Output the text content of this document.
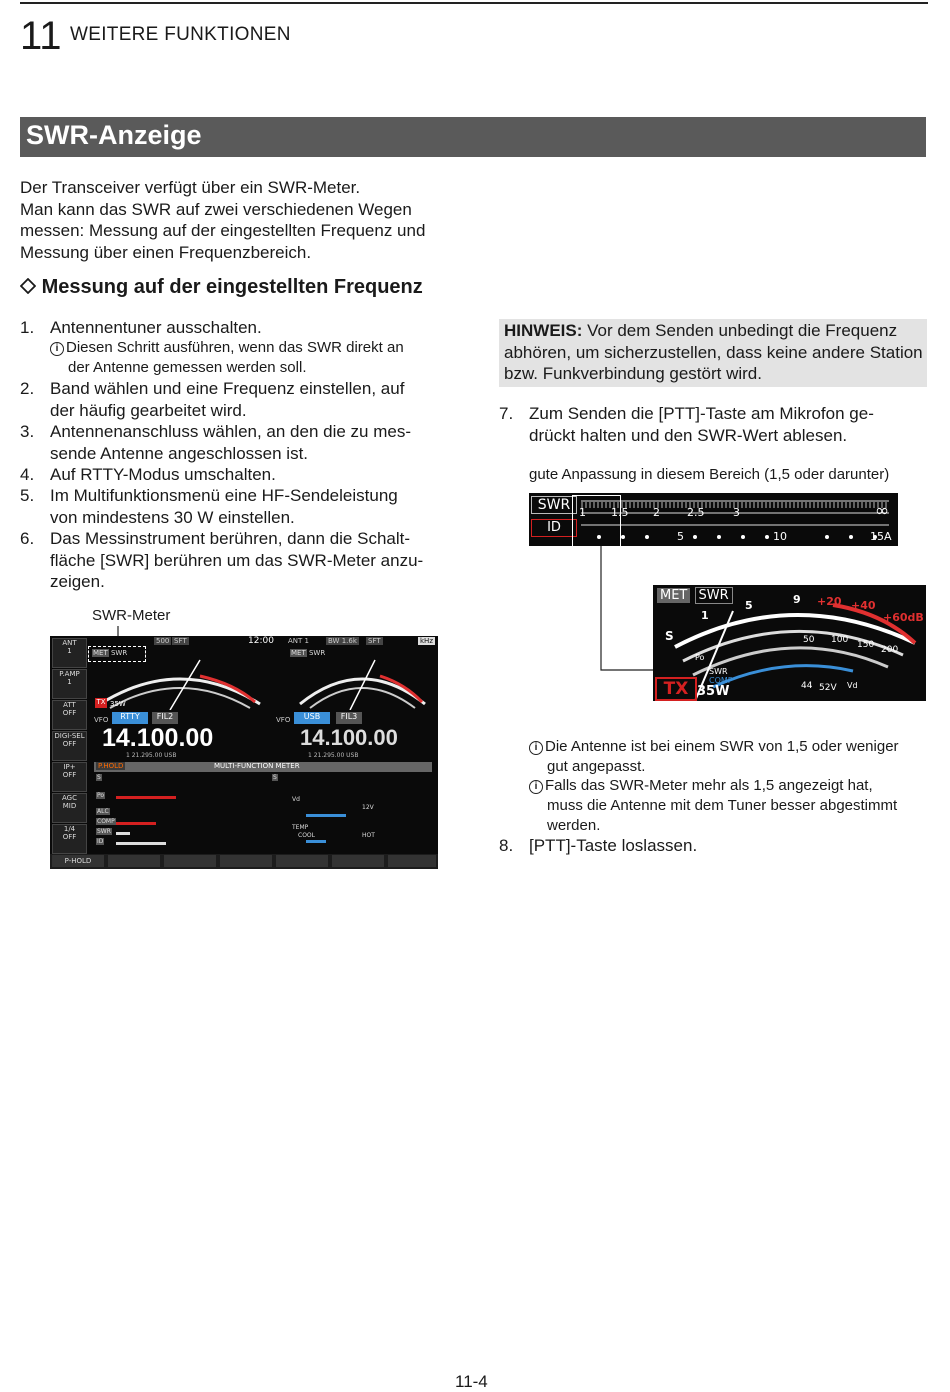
11 WEITERE FUNKTIONEN
SWR-Anzeige
Der Transceiver verfügt über ein SWR-Meter.
Man kann das SWR auf zwei verschiedenen Wegen
messen: Messung auf der eingestellten Frequenz und
Messung über einen Frequenzbereich.
Messung auf der eingestellten Frequenz
1. Antennentuner ausschalten.
i Diesen Schritt ausführen, wenn das SWR direkt an
der Antenne gemessen werden soll.
2. Band wählen und eine Frequenz einstellen, auf
der häufig gearbeitet wird.
3. Antennenanschluss wählen, an den die zu mes-
sende Antenne angeschlossen ist.
4. Auf RTTY-Modus umschalten.
5. Im Multifunktionsmenü eine HF-Sendeleistung
von mindestens 30 W einstellen.
6. Das Messinstrument berühren, dann die Schalt-
fläche [SWR] berühren um das SWR-Meter anzu-
zeigen.
SWR-Meter
ANT
1
P.AMP
1
ATT
OFF
DIGI-SEL
OFF
IP+
OFF
AGC
MID
1/4
OFF
500 SFT	12:00 ANT 1	BW 1.6k SFT	kHz
MET SWR	MET SWR
TX 35W
VFO	RTTY	FIL2	VFO	USB	FIL3
14.100.00	14.100.00
1 21.295.00 USB	1 21.295.00 USB
P.HOLD	MULTI-FUNCTION METER
S
Po
ALC
COMP
SWR
ID
S
Vd
12V
TEMP
COOL	HOT
P-HOLD
HINWEIS: Vor dem Senden unbedingt die Frequenz abhören, um sicherzustellen, dass keine andere Station bzw. Funkverbindung gestört wird.
7. Zum Senden die [PTT]-Taste am Mikrofon ge-
drückt halten und den SWR-Wert ablesen.
gute Anpassung in diesem Bereich (1,5 oder darunter)
SWR
ID
1 1.5 2 2.5	3	∞
5	10	15A
MET SWR
S
1
5	9 +20 +40
+60dB
50 100 150 200
Po
SWR
COMP
Vd
44 52V
TX 35W
i Die Antenne ist bei einem SWR von 1,5 oder weniger
gut angepasst.
i Falls das SWR-Meter mehr als 1,5 angezeigt hat,
muss die Antenne mit dem Tuner besser abgestimmt
werden.
8. [PTT]-Taste loslassen.
11-4
